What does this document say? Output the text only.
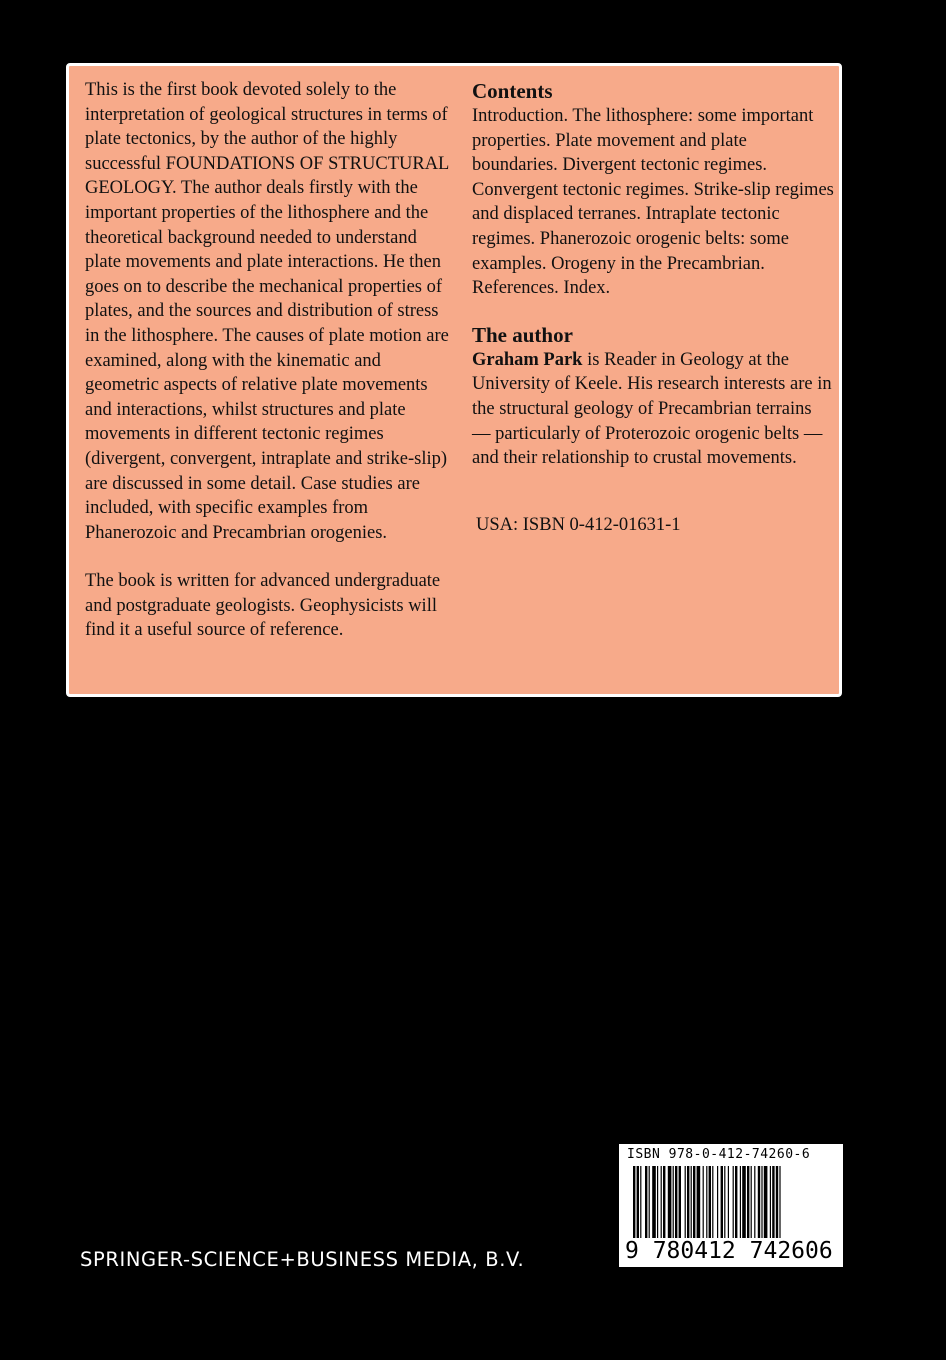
This is the first book devoted solely to the interpretation of geological structures in terms of plate tectonics, by the author of the highly successful FOUNDATIONS OF STRUCTURAL GEOLOGY. The author deals firstly with the important properties of the lithosphere and the theoretical background needed to understand plate movements and plate interactions. He then goes on to describe the mechanical properties of plates, and the sources and distribution of stress in the lithosphere. The causes of plate motion are examined, along with the kinematic and geometric aspects of relative plate movements and interactions, whilst structures and plate movements in different tectonic regimes (divergent, convergent, intraplate and strike-slip) are discussed in some detail. Case studies are included, with specific examples from Phanerozoic and Precambrian orogenies.

The book is written for advanced undergraduate and postgraduate geologists. Geophysicists will find it a useful source of reference.

Contents

Introduction. The lithosphere: some important properties. Plate movement and plate boundaries. Divergent tectonic regimes. Convergent tectonic regimes. Strike-slip regimes and displaced terranes. Intraplate tectonic regimes. Phanerozoic orogenic belts: some examples. Orogeny in the Precambrian. References. Index.

The author

Graham Park is Reader in Geology at the University of Keele. His research interests are in the structural geology of Precambrian terrains — particularly of Proterozoic orogenic belts — and their relationship to crustal movements.

USA: ISBN 0-412-01631-1

SPRINGER-SCIENCE+BUSINESS MEDIA, B.V.
ISBN 978-0-412-74260-6
9 780412 742606
